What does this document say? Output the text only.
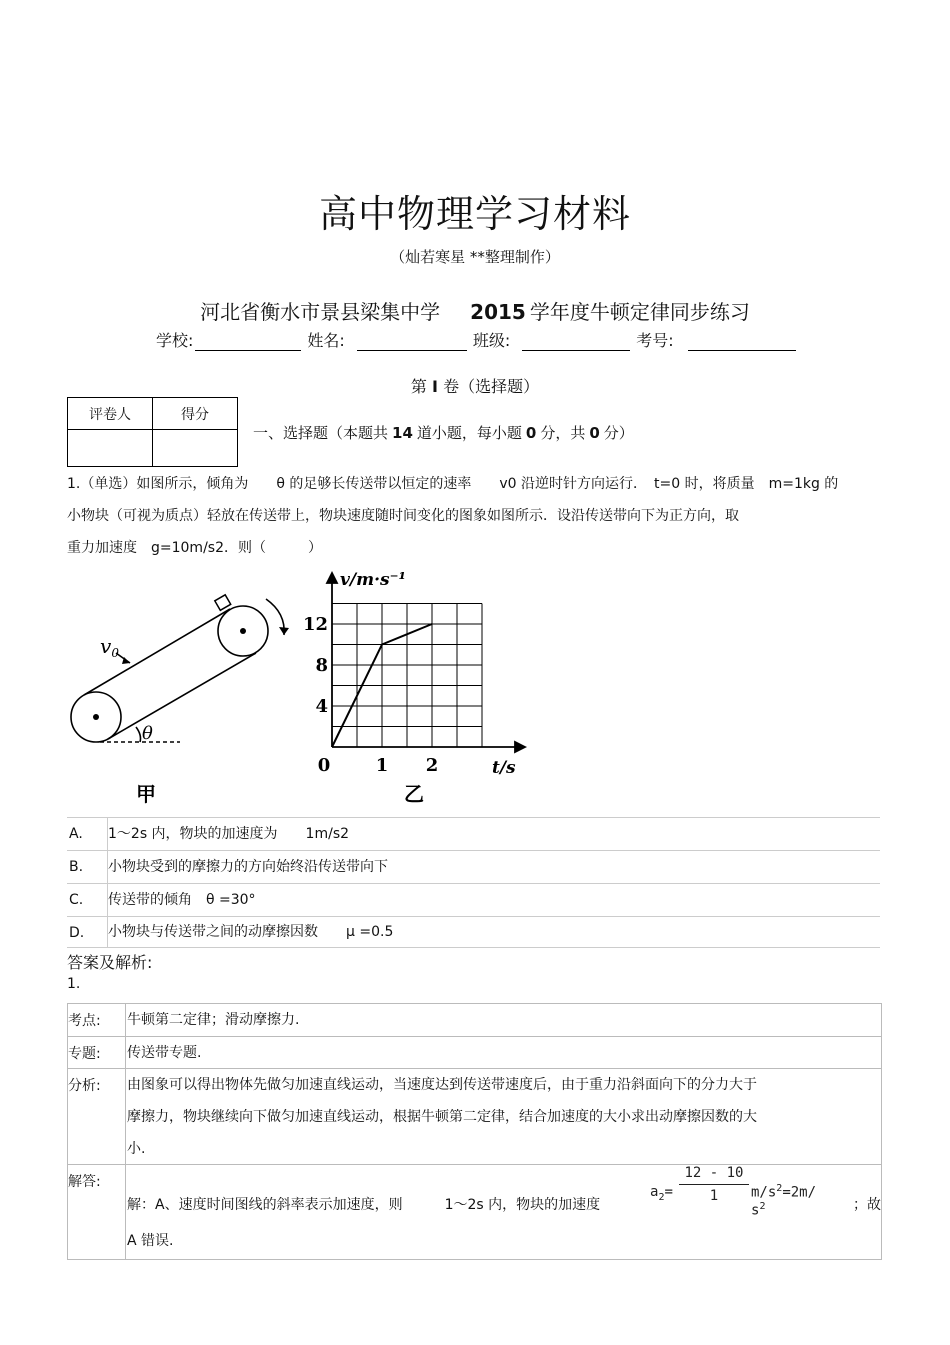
高中物理学习材料
（灿若寒星 **整理制作）
河北省衡水市景县梁集中学 2015 学年度牛顿定律同步练习
学校:	姓名:	班级:	考号:
第 I 卷（选择题）
评卷人	得分

一、选择题（本题共 14 道小题，每小题 0 分，共 0 分）
1.（单选）如图所示，倾角为　　θ 的足够长传送带以恒定的速率　　v0 沿逆时针方向运行．　t=0 时，将质量　m=1kg 的
小物块（可视为质点）轻放在传送带上，物块速度随时间变化的图象如图所示．设沿传送带向下为正方向，取
重力加速度　g=10m/s2．则（　　　）
$v_0$
θ
甲
4
8
12
0	1 2
v/m·s⁻¹
t/s
乙
A. 1～2s 内，物块的加速度为　　1m/s2
B. 小物块受到的摩擦力的方向始终沿传送带向下
C. 传送带的倾角　θ =30°
D. 小物块与传送带之间的动摩擦因数　　μ =0.5
答案及解析:
1.
考点: 牛顿第二定律；滑动摩擦力.
专题: 传送带专题.
分析: 由图象可以得出物体先做匀加速直线运动，当速度达到传送带速度后，由于重力沿斜面向下的分力大于
摩擦力，物块继续向下做匀加速直线运动，根据牛顿第二定律，结合加速度的大小求出动摩擦因数的大
小.
解答:
解：A、速度时间图线的斜率表示加速度，则　　　1～2s 内，物块的加速度	；故
A 错误.
$a_2=$
12 - 10
1	$m/s^2=2m/$ $s^2$
